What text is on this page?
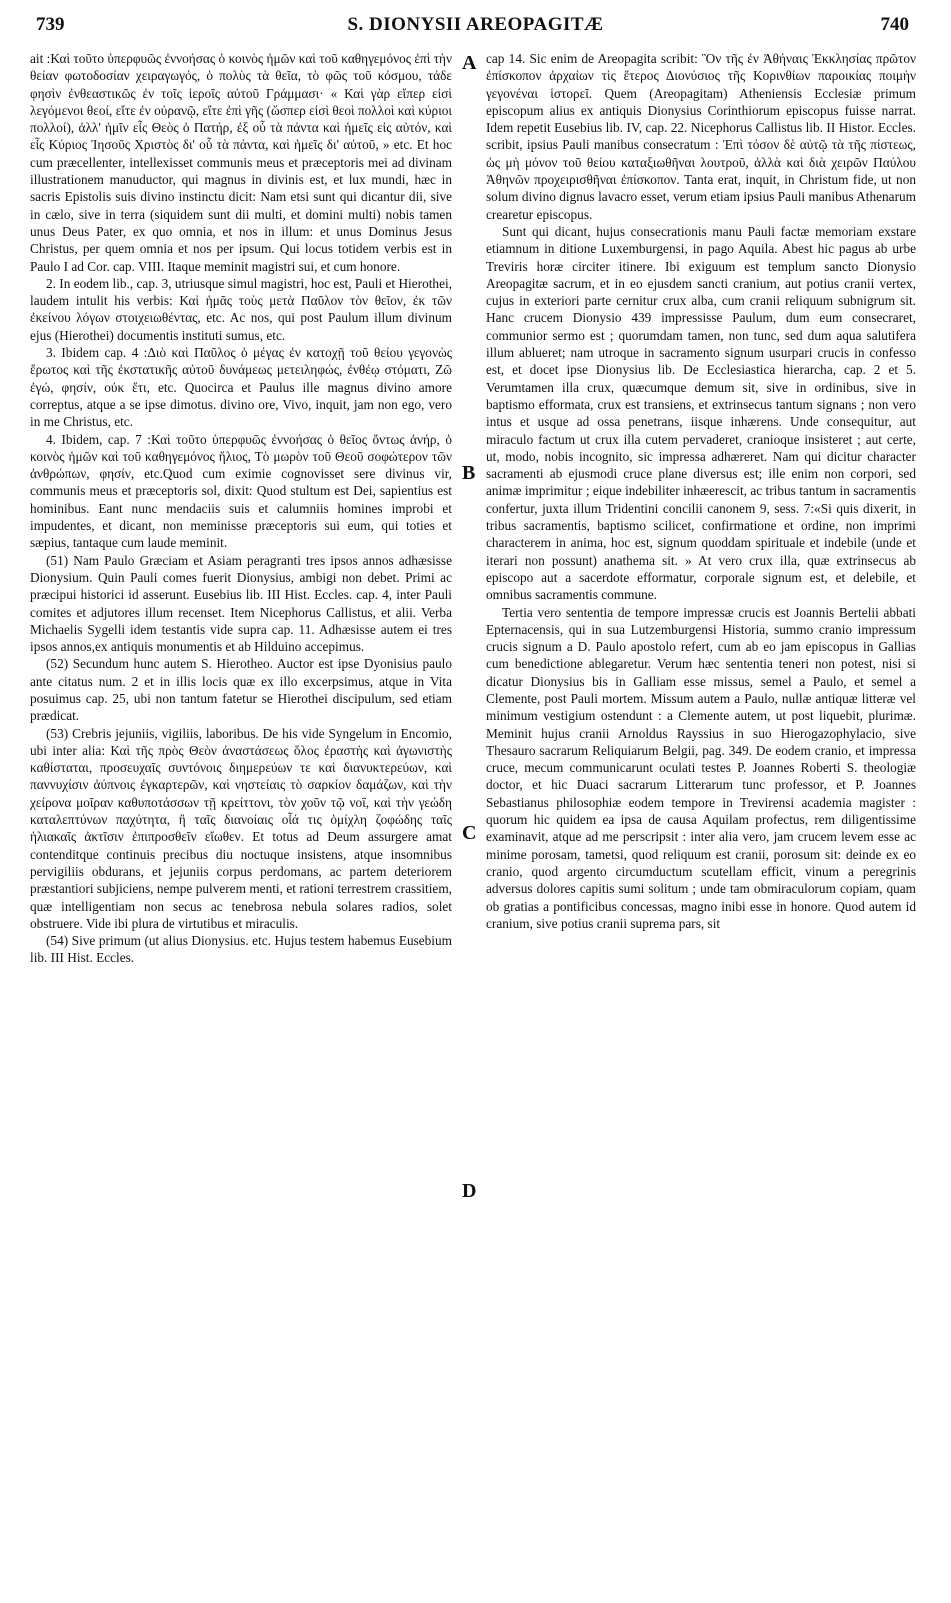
739	S. DIONYSII AREOPAGITÆ	740
A
B
C
D

ait :Καὶ τοῦτο ὑπερφυῶς ἐννοήσας ὁ κοινὸς ἡμῶν καὶ τοῦ καθηγεμόνος ἐπὶ τὴν θείαν φωτοδοσίαν χειραγωγός, ὁ πολὺς τὰ θεῖα, τὸ φῶς τοῦ κόσμου, τάδε φησὶν ἐνθεαστικῶς ἐν τοῖς ἱεροῖς αὐτοῦ Γράμμασι· « Καὶ γὰρ εἴπερ εἰσὶ λεγόμενοι θεοί, εἴτε ἐν οὐρανῷ, εἴτε ἐπὶ γῆς (ὥσπερ εἰσὶ θεοὶ πολλοὶ καὶ κύριοι πολλοί), ἀλλ' ἡμῖν εἷς Θεὸς ὁ Πατήρ, ἐξ οὗ τὰ πάντα καὶ ἡμεῖς εἰς αὐτόν, καὶ εἷς Κύριος Ἰησοῦς Χριστὸς δι' οὗ τὰ πάντα, καὶ ἡμεῖς δι' αὐτοῦ, » etc. Et hoc cum præcellenter, intellexisset communis meus et præceptoris mei ad divinam illustrationem manuductor, qui magnus in divinis est, et lux mundi, hæc in sacris Epistolis suis divino instinctu dicit: Nam etsi sunt qui dicantur dii, sive in cælo, sive in terra (siquidem sunt dii multi, et domini multi) nobis tamen unus Deus Pater, ex quo omnia, et nos in illum: et unus Dominus Jesus Christus, per quem omnia et nos per ipsum. Qui locus totidem verbis est in Paulo I ad Cor. cap. VIII. Itaque meminit magistri sui, et cum honore.

2. In eodem lib., cap. 3, utriusque simul magistri, hoc est, Pauli et Hierothei, laudem intulit his verbis: Καὶ ἡμᾶς τοὺς μετὰ Παῦλον τὸν θεῖον, ἐκ τῶν ἐκείνου λόγων στοιχειωθέντας, etc. Ac nos, qui post Paulum illum divinum ejus (Hierothei) documentis instituti sumus, etc.

3. Ibidem cap. 4 :Διὸ καὶ Παῦλος ὁ μέγας ἐν κατοχῇ τοῦ θείου γεγονὼς ἔρωτος καὶ τῆς ἐκστατικῆς αὐτοῦ δυνάμεως μετειληφώς, ἐνθέῳ στόματι, Ζῶ ἐγώ, φησίν, οὐκ ἔτι, etc. Quocirca et Paulus ille magnus divino amore correptus, atque a se ipse dimotus. divino ore, Vivo, inquit, jam non ego, vero in me Christus, etc.

4. Ibidem, cap. 7 :Καὶ τοῦτο ὑπερφυῶς ἐννοήσας ὁ θεῖος ὄντως ἀνήρ, ὁ κοινὸς ἡμῶν καὶ τοῦ καθηγεμόνος ἥλιος, Τὸ μωρὸν τοῦ Θεοῦ σοφώτερον τῶν ἀνθρώπων, φησίν, etc.Quod cum eximie cognovisset sere divinus vir, communis meus et præceptoris sol, dixit: Quod stultum est Dei, sapientius est hominibus. Eant nunc mendaciis suis et calumniis homines improbi et impudentes, et dicant, non meminisse præceptoris sui eum, qui toties et sæpius, tantaque cum laude meminit.

(51) Nam Paulo Græciam et Asiam peragranti tres ipsos annos adhæsisse Dionysium. Quin Pauli comes fuerit Dionysius, ambigi non debet. Primi ac præcipui historici id asserunt. Eusebius lib. III Hist. Eccles. cap. 4, inter Pauli comites et adjutores illum recenset. Item Nicephorus Callistus, et alii. Verba Michaelis Sygelli idem testantis vide supra cap. 11. Adhæsisse autem ei tres ipsos annos,ex antiquis monumentis et ab Hilduino accepimus.

(52) Secundum hunc autem S. Hierotheo. Auctor est ipse Dyonisius paulo ante citatus num. 2 et in illis locis quæ ex illo excerpsimus, atque in Vita posuimus cap. 25, ubi non tantum fatetur se Hierothei discipulum, sed etiam prædicat.

(53) Crebris jejuniis, vigiliis, laboribus. De his vide Syngelum in Encomio, ubi inter alia: Καὶ τῆς πρὸς Θεὸν ἀναστάσεως ὅλος ἐραστὴς καὶ ἀγωνιστὴς καθίσταται, προσευχαῖς συντόνοις διημερεύων τε καὶ διανυκτερεύων, καὶ παννυχίσιν ἀύπνοις ἐγκαρτερῶν, καὶ νηστείαις τὸ σαρκίον δαμάζων, καὶ τὴν χείρονα μοῖραν καθυποτάσσων τῇ κρείττονι, τὸν χοῦν τῷ νοΐ, καὶ τὴν γεώδη καταλεπτύνων παχύτητα, ἢ ταῖς διανοίαις οἷά τις ὁμίχλη ζοφώδης ταῖς ἡλιακαῖς ἀκτῖσιν ἐπιπροσθεῖν εἴωθεν. Et totus ad Deum assurgere amat contenditque continuis precibus diu noctuque insistens, atque insomnibus pervigiliis obdurans, et jejuniis corpus perdomans, ac partem deteriorem præstantiori subjiciens, nempe pulverem menti, et rationi terrestrem crassitiem, quæ intelligentiam non secus ac tenebrosa nebula solares radios, solet obstruere. Vide ibi plura de virtutibus et miraculis.

(54) Sive primum (ut alius Dionysius. etc. Hujus testem habemus Eusebium lib. III Hist. Eccles.

cap 14. Sic enim de Areopagita scribit: Ὃν τῆς ἐν Ἀθήναις Ἐκκλησίας πρῶτον ἐπίσκοπον ἀρχαίων τὶς ἕτερος Διονύσιος τῆς Κορινθίων παροικίας ποιμὴν γεγονέναι ἱστορεῖ. Quem (Areopagitam) Atheniensis Ecclesiæ primum episcopum alius ex antiquis Dionysius Corinthiorum episcopus fuisse narrat. Idem repetit Eusebius lib. IV, cap. 22. Nicephorus Callistus lib. II Histor. Eccles. scribit, ipsius Pauli manibus consecratum : Ἐπὶ τόσον δὲ αὐτῷ τὰ τῆς πίστεως, ὡς μὴ μόνον τοῦ θείου καταξιωθῆναι λουτροῦ, ἀλλὰ καὶ διὰ χειρῶν Παύλου Ἀθηνῶν προχειρισθῆναι ἐπίσκοπον. Tanta erat, inquit, in Christum fide, ut non solum divino dignus lavacro esset, verum etiam ipsius Pauli manibus Athenarum crearetur episcopus.

Sunt qui dicant, hujus consecrationis manu Pauli factæ memoriam exstare etiamnum in ditione Luxemburgensi, in pago Aquila. Abest hic pagus ab urbe Treviris horæ circiter itinere. Ibi exiguum est templum sancto Dionysio Areopagitæ sacrum, et in eo ejusdem sancti cranium, aut potius cranii vertex, cujus in exteriori parte cernitur crux alba, cum cranii reliquum subnigrum sit. Hanc crucem Dionysio 439 impressisse Paulum, dum eum consecraret, communior sermo est ; quorumdam tamen, non tunc, sed dum aqua salutifera illum ablueret; nam utroque in sacramento signum usurpari crucis in confesso est, et docet ipse Dionysius lib. De Ecclesiastica hierarcha, cap. 2 et 5. Verumtamen illa crux, quæcumque demum sit, sive in ordinibus, sive in baptismo efformata, crux est transiens, et extrinsecus tantum signans ; non vero intus et usque ad ossa penetrans, iisque inhærens. Unde consequitur, aut miraculo factum ut crux illa cutem pervaderet, cranioque insisteret ; aut certe, ut, modo, nobis incognito, sic impressa adhæreret. Nam qui dicitur character sacramenti ab ejusmodi cruce plane diversus est; ille enim non corpori, sed animæ imprimitur ; eique indebiliter inhæerescit, ac tribus tantum in sacramentis confertur, juxta illum Tridentini concilii canonem 9, sess. 7:«Si quis dixerit, in tribus sacramentis, baptismo scilicet, confirmatione et ordine, non imprimi characterem in anima, hoc est, signum quoddam spirituale et indebile (unde et iterari non possunt) anathema sit. » At vero crux illa, quæ extrinsecus ab episcopo aut a sacerdote efformatur, corporale signum est, et delebile, et omnibus sacramentis commune.

Tertia vero sententia de tempore impressæ crucis est Joannis Bertelii abbati Epternacensis, qui in sua Lutzemburgensi Historia, summo cranio impressum crucis signum a D. Paulo apostolo refert, cum ab eo jam episcopus in Gallias cum benedictione ablegaretur. Verum hæc sententia teneri non potest, nisi si dicatur Dionysius bis in Galliam esse missus, semel a Paulo, et semel a Clemente, post Pauli mortem. Missum autem a Paulo, nullæ antiquæ litteræ vel minimum vestigium ostendunt : a Clemente autem, ut post liquebit, plurimæ. Meminit hujus cranii Arnoldus Rayssius in suo Hierogazophylacio, sive Thesauro sacrarum Reliquiarum Belgii, pag. 349. De eodem cranio, et impressa cruce, mecum communicarunt oculati testes P. Joannes Roberti S. theologiæ doctor, et hic Duaci sacrarum Litterarum tunc professor, et P. Joannes Sebastianus philosophiæ eodem tempore in Trevirensi academia magister : quorum hic quidem ea ipsa de causa Aquilam profectus, rem diligentissime examinavit, atque ad me perscripsit : inter alia vero, jam crucem levem esse ac minime porosam, tametsi, quod reliquum est cranii, porosum sit: deinde ex eo cranio, quod argento circumductum scutellam efficit, vinum a peregrinis adversus dolores capitis sumi solitum ; unde tam obmiraculorum copiam, quam ob gratias a pontificibus concessas, magno inibi esse in honore. Quod autem id cranium, sive potius cranii suprema pars, sit
